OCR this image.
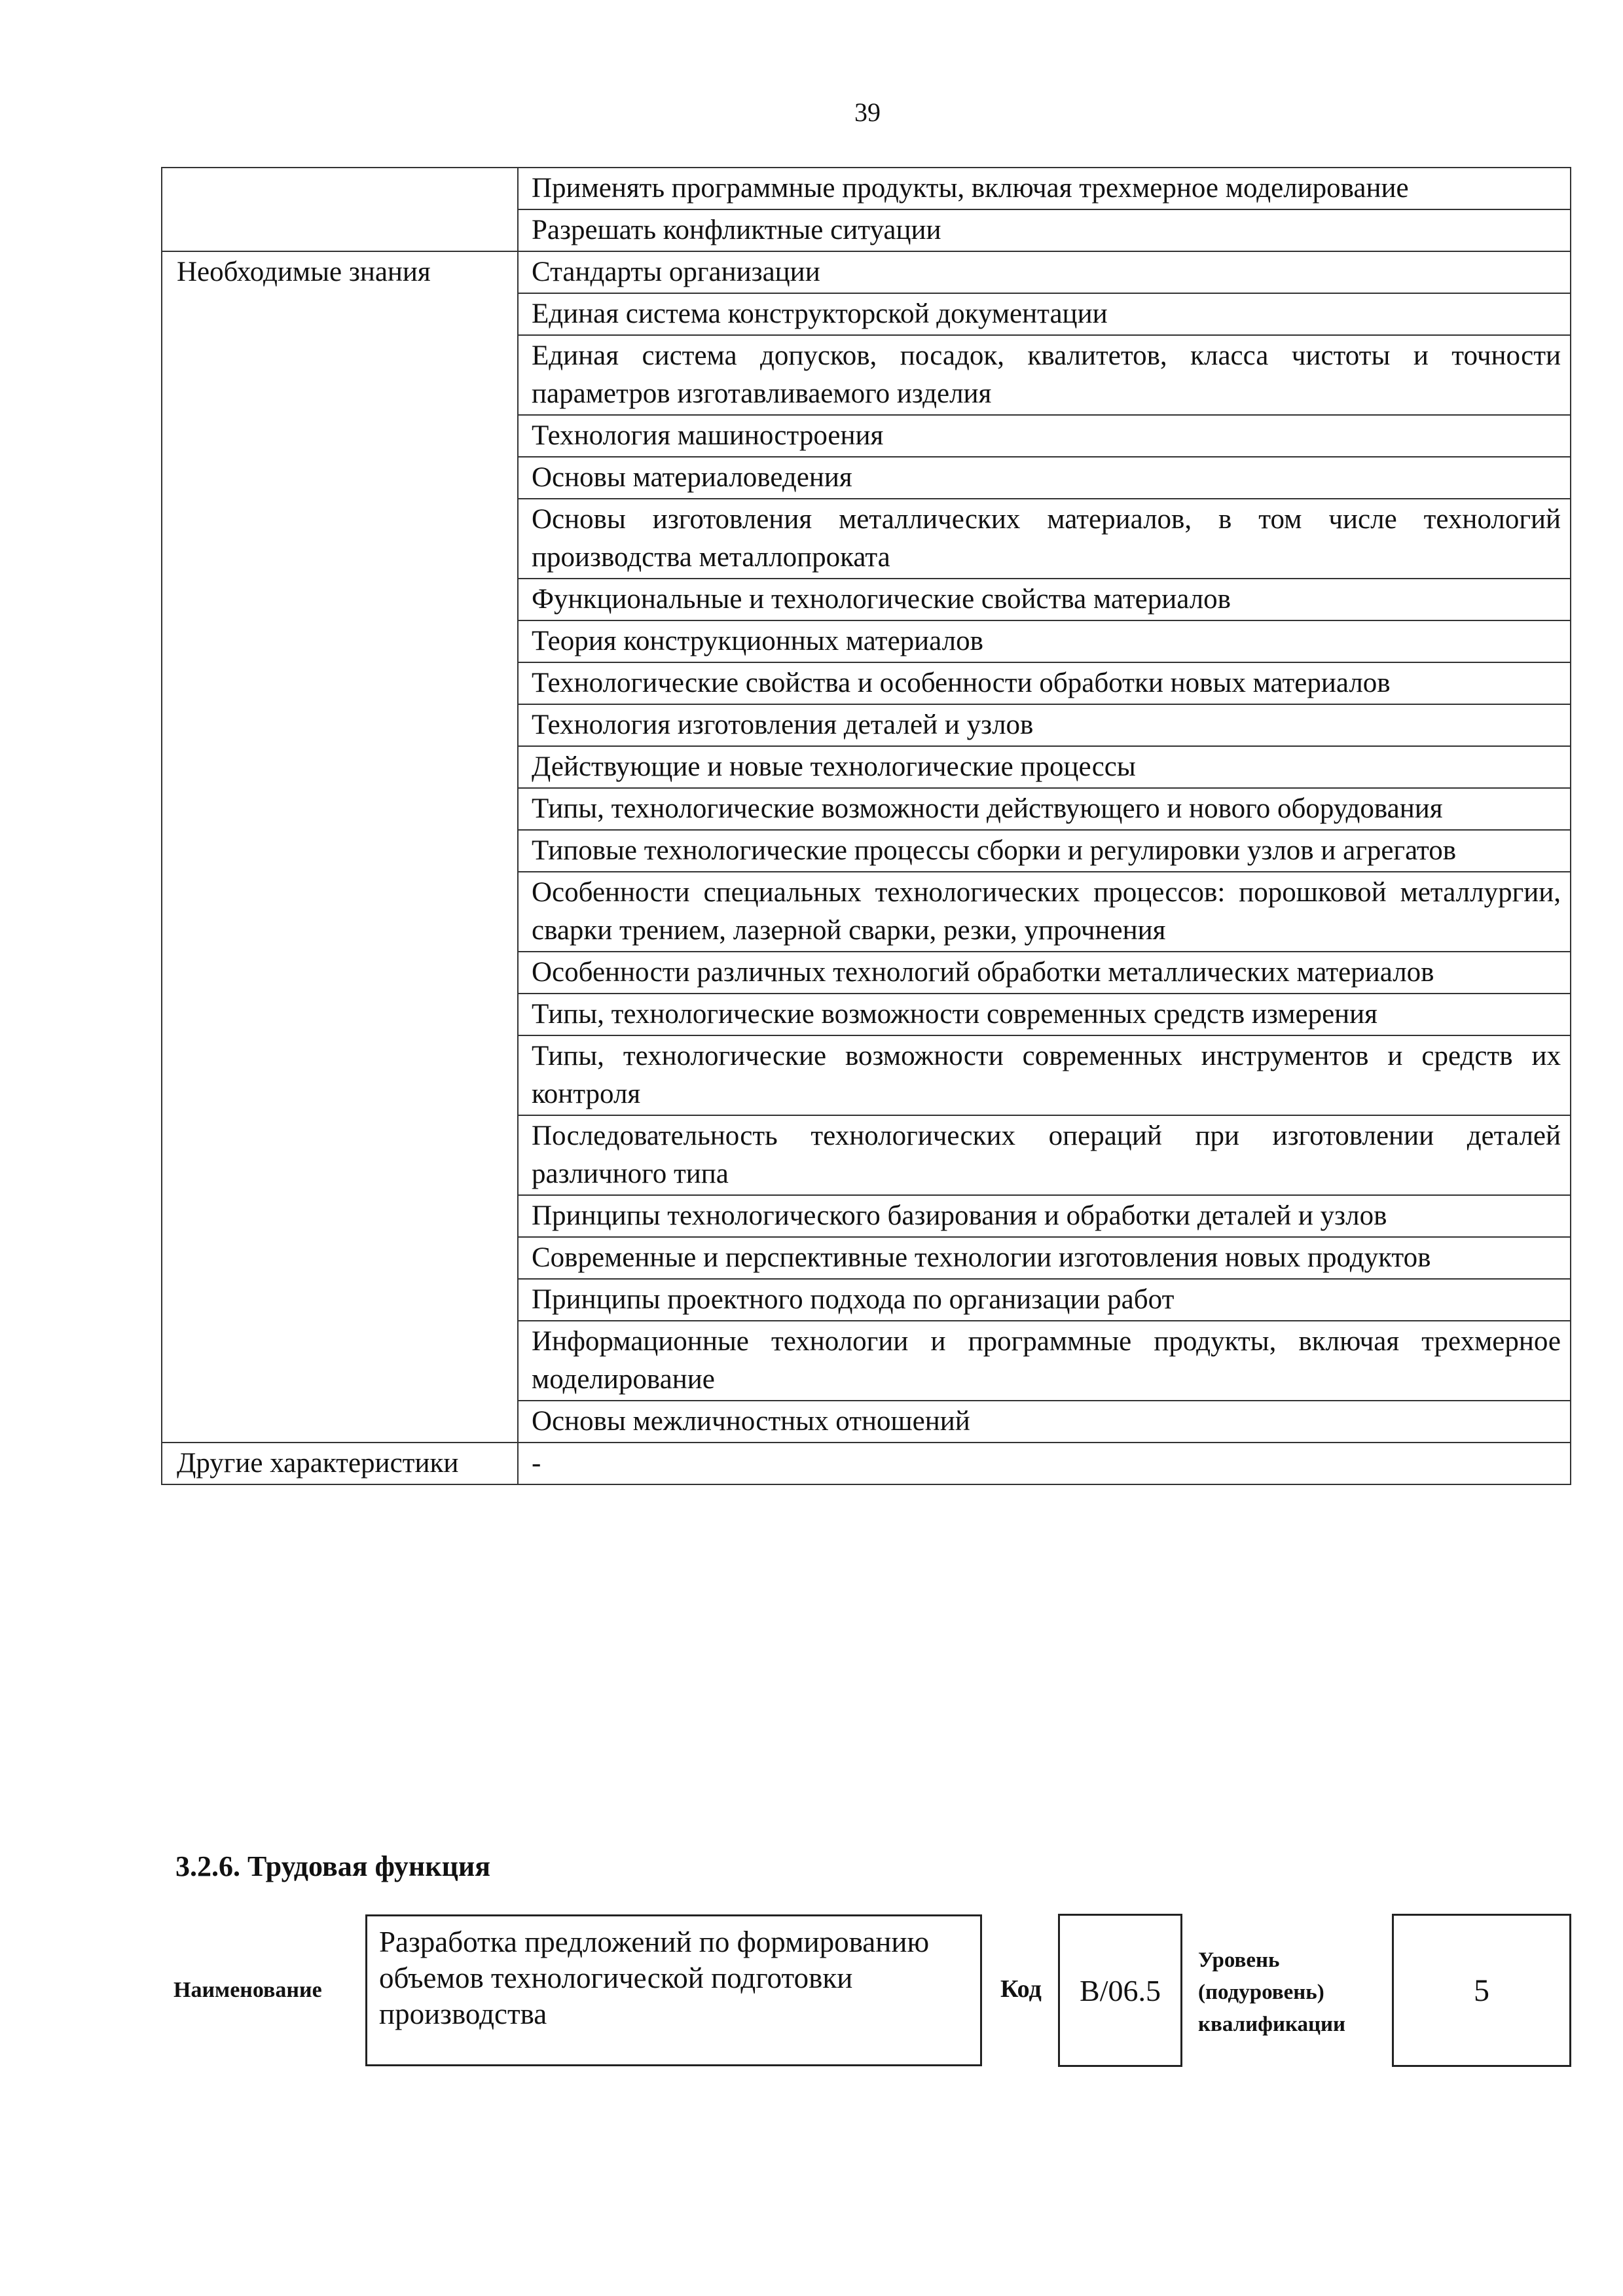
39
	Применять программные продукты, включая трехмерное моделирование
	Разрешать конфликтные ситуации
Необходимые знания	Стандарты организации
	Единая система конструкторской документации
	Единая система допусков, посадок, квалитетов, класса чистоты и точности параметров изготавливаемого изделия
	Технология машиностроения
	Основы материаловедения
	Основы изготовления металлических материалов, в том числе технологий производства металлопроката
	Функциональные и технологические свойства материалов
	Теория конструкционных материалов
	Технологические свойства и особенности обработки новых материалов
	Технология изготовления деталей и узлов
	Действующие и новые технологические процессы
	Типы, технологические возможности действующего и нового оборудования
	Типовые технологические процессы сборки и регулировки узлов и агрегатов
	Особенности специальных технологических процессов: порошковой металлургии, сварки трением, лазерной сварки, резки, упрочнения
	Особенности различных технологий обработки металлических материалов
	Типы, технологические возможности современных средств измерения
	Типы, технологические возможности современных инструментов и средств их контроля
	Последовательность технологических операций при изготовлении деталей различного типа
	Принципы технологического базирования и обработки деталей и узлов
	Современные и перспективные технологии изготовления новых продуктов
	Принципы проектного подхода по организации работ
	Информационные технологии и программные продукты, включая трехмерное моделирование
	Основы межличностных отношений
Другие характеристики	-
3.2.6. Трудовая функция
Наименование
Разработка предложений по формированию объемов технологической подготовки производства
Код B/06.5
Уровень (подуровень) квалификации
5
